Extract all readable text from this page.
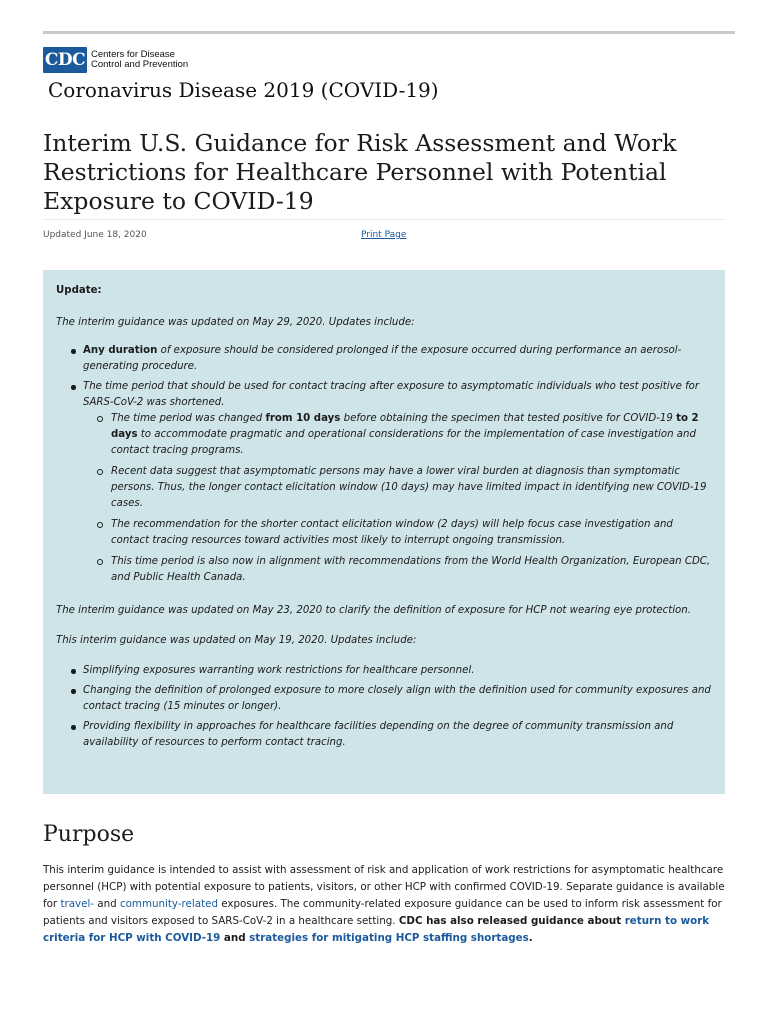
CDC Centers for Disease
Control and Prevention
Coronavirus Disease 2019 (COVID-19)
Interim U.S. Guidance for Risk Assessment and Work Restrictions for Healthcare Personnel with Potential Exposure to COVID-19
Updated June 18, 2020	Print Page

Update:

The interim guidance was updated on May 29, 2020. Updates include:

Any duration of exposure should be considered prolonged if the exposure occurred during performance an aerosol-generating procedure.
The time period that should be used for contact tracing after exposure to asymptomatic individuals who test positive for SARS-CoV-2 was shortened.
The time period was changed from 10 days before obtaining the specimen that tested positive for COVID-19 to 2 days to accommodate pragmatic and operational considerations for the implementation of case investigation and contact tracing programs.
Recent data suggest that asymptomatic persons may have a lower viral burden at diagnosis than symptomatic persons. Thus, the longer contact elicitation window (10 days) may have limited impact in identifying new COVID-19 cases.
The recommendation for the shorter contact elicitation window (2 days) will help focus case investigation and contact tracing resources toward activities most likely to interrupt ongoing transmission.
This time period is also now in alignment with recommendations from the World Health Organization, European CDC, and Public Health Canada.

The interim guidance was updated on May 23, 2020 to clarify the definition of exposure for HCP not wearing eye protection.

This interim guidance was updated on May 19, 2020. Updates include:

Simplifying exposures warranting work restrictions for healthcare personnel.
Changing the definition of prolonged exposure to more closely align with the definition used for community exposures and contact tracing (15 minutes or longer).
Providing flexibility in approaches for healthcare facilities depending on the degree of community transmission and availability of resources to perform contact tracing.
Purpose

This interim guidance is intended to assist with assessment of risk and application of work restrictions for asymptomatic healthcare personnel (HCP) with potential exposure to patients, visitors, or other HCP with confirmed COVID-19. Separate guidance is available for travel- and community-related exposures. The community-related exposure guidance can be used to inform risk assessment for patients and visitors exposed to SARS-CoV-2 in a healthcare setting. CDC has also released guidance about return to work criteria for HCP with COVID-19 and strategies for mitigating HCP staffing shortages.
